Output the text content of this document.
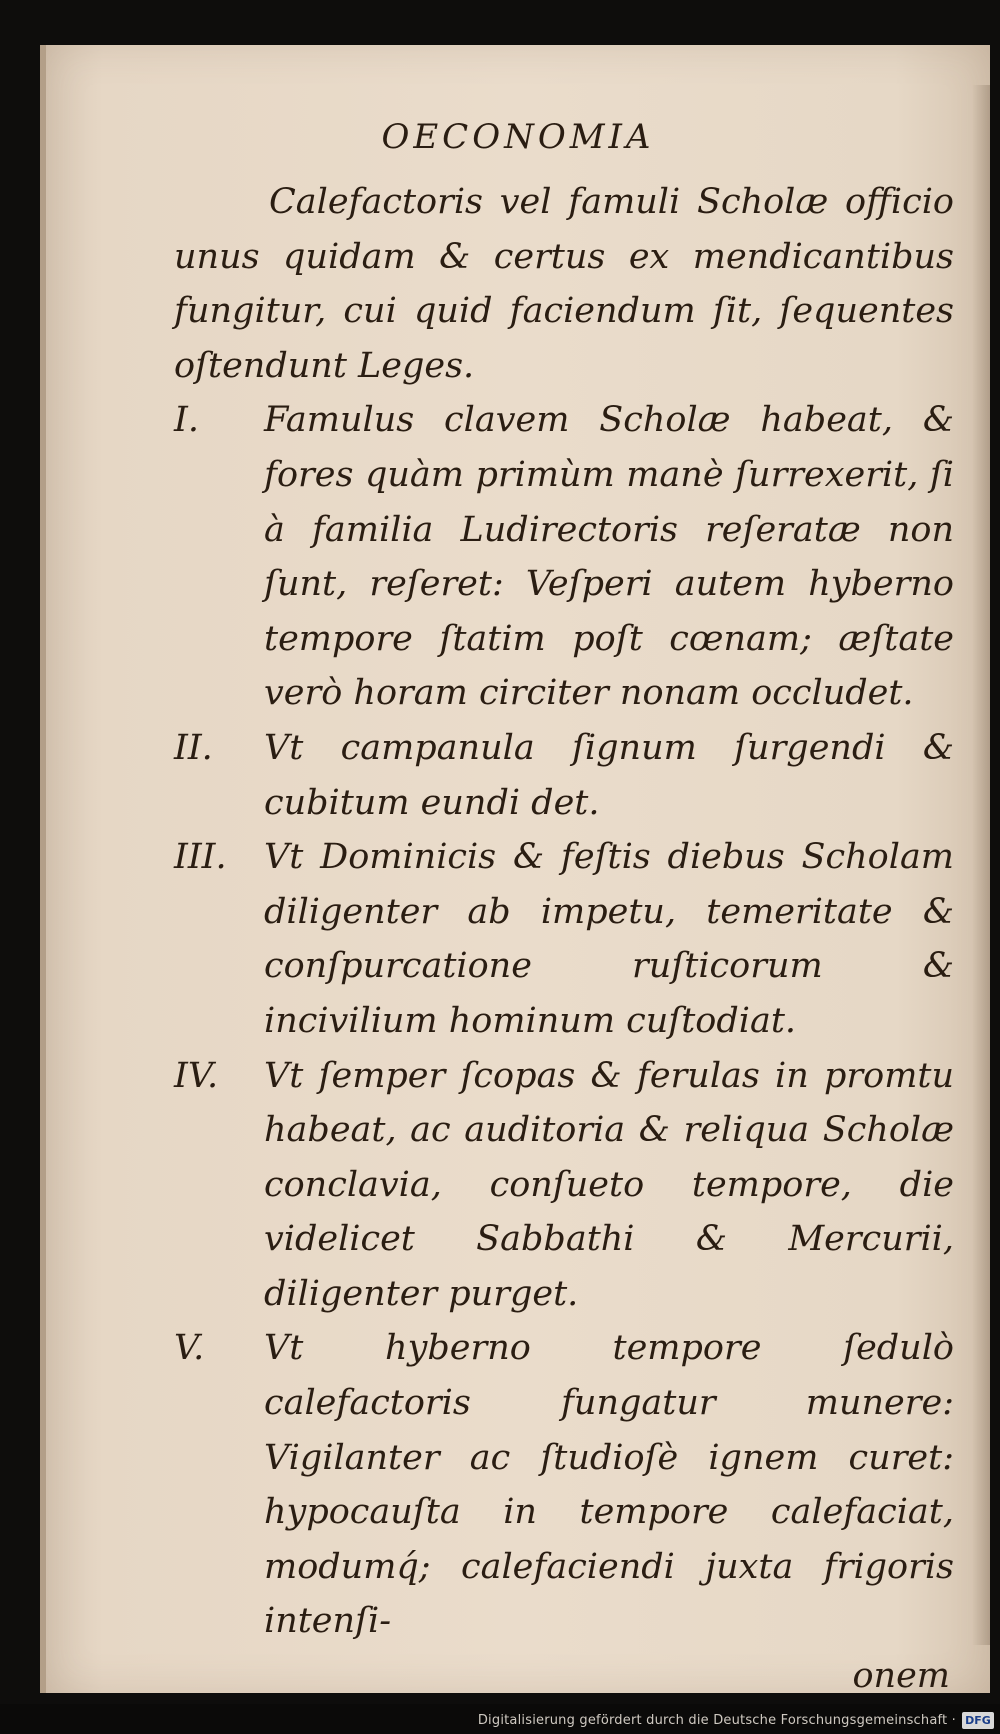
OECONOMIA

Calefactoris vel famuli Scholæ officio unus quidam & certus ex mendicantibus fungitur, cui quid faciendum ſit, ſequentes oſtendunt Leges.

I.	Famulus clavem Scholæ habeat, & fores quàm primùm manè ſurrexerit, ſi à familia Ludirectoris reſeratæ non ſunt, reſeret: Veſperi autem hyberno tempore ſtatim poſt cœnam; æſtate verò horam circiter nonam occludet.
II.	Vt campanula ſignum ſurgendi & cubitum eundi det.
III.	Vt Dominicis & feſtis diebus Scholam diligenter ab impetu, temeritate & conſpurcatione ruſticorum & incivilium hominum cuſtodiat.
IV.	Vt ſemper ſcopas & ferulas in promtu habeat, ac auditoria & reliqua Scholæ conclavia, conſueto tempore, die videlicet Sabbathi & Mercurii, diligenter purget.
V.	Vt hyberno tempore ſedulò calefactoris fungatur munere: Vigilanter ac ſtudioſè ignem curet: hypocauſta in tempore calefaciat, modumq́; calefaciendi juxta frigoris intenſi-

onem

Digitalisierung gefördert durch die Deutsche Forschungsgemeinschaft · DFG
